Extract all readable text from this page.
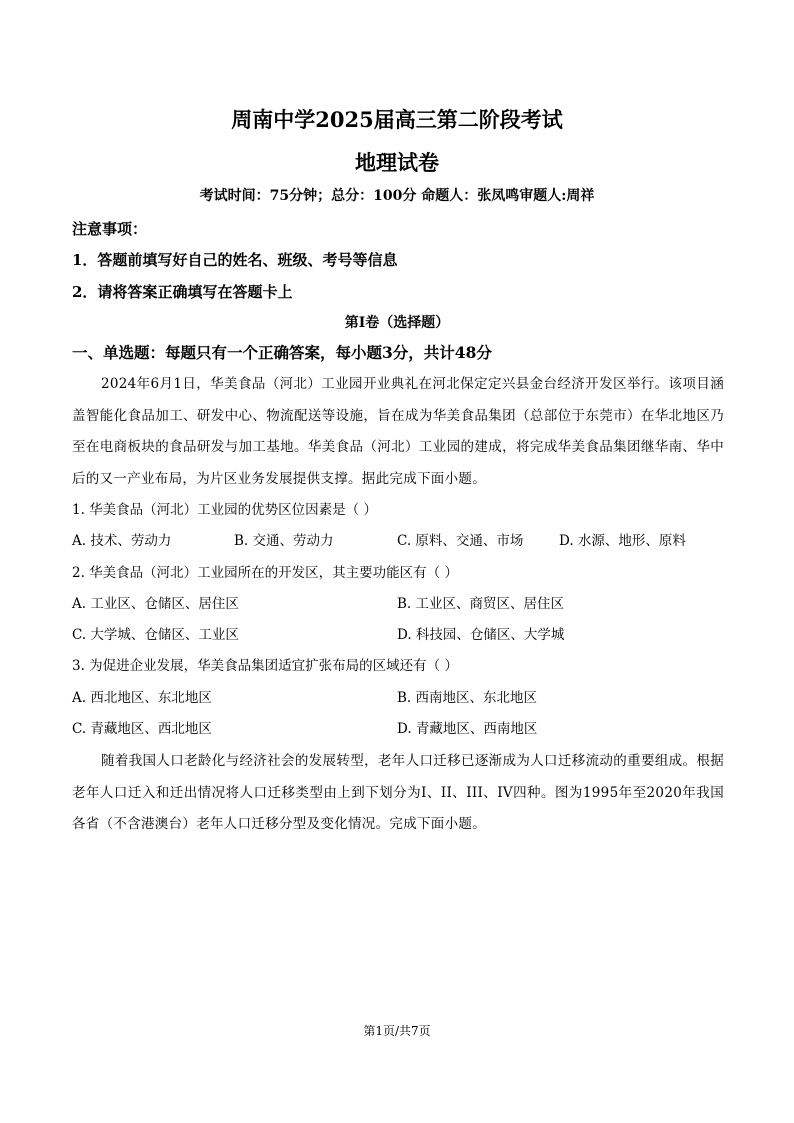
周南中学2025届高三第二阶段考试
地理试卷
考试时间：75分钟；总分：100分 命题人：张凤鸣审题人:周祥
注意事项：
1．答题前填写好自己的姓名、班级、考号等信息
2．请将答案正确填写在答题卡上
第I卷（选择题）
一、单选题：每题只有一个正确答案，每小题3分，共计48分
2024年6月1日，华美食品（河北）工业园开业典礼在河北保定定兴县金台经济开发区举行。该项目涵盖智能化食品加工、研发中心、物流配送等设施，旨在成为华美食品集团（总部位于东莞市）在华北地区乃至在电商板块的食品研发与加工基地。华美食品（河北）工业园的建成，将完成华美食品集团继华南、华中后的又一产业布局，为片区业务发展提供支撑。据此完成下面小题。
1. 华美食品（河北）工业园的优势区位因素是（ ）
A. 技术、劳动力	B. 交通、劳动力	C. 原料、交通、市场	D. 水源、地形、原料
2. 华美食品（河北）工业园所在的开发区，其主要功能区有（ ）
A. 工业区、仓储区、居住区	B. 工业区、商贸区、居住区
C. 大学城、仓储区、工业区	D. 科技园、仓储区、大学城
3. 为促进企业发展，华美食品集团适宜扩张布局的区域还有（ ）
A. 西北地区、东北地区	B. 西南地区、东北地区
C. 青藏地区、西北地区	D. 青藏地区、西南地区
随着我国人口老龄化与经济社会的发展转型，老年人口迁移已逐渐成为人口迁移流动的重要组成。根据老年人口迁入和迁出情况将人口迁移类型由上到下划分为I、II、III、IV四种。图为1995年至2020年我国各省（不含港澳台）老年人口迁移分型及变化情况。完成下面小题。
第1页/共7页
